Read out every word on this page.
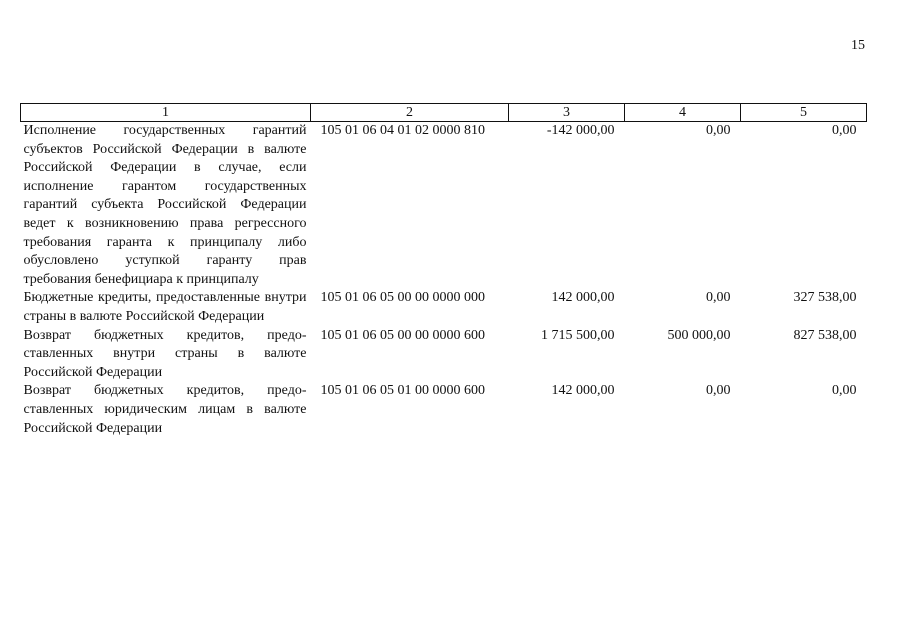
15
1	2	3	4	5
Исполнение государственных гарантий субъектов Российской Федерации в валюте Российской Федерации в случае, если исполнение гарантом государственных гарантий субъекта Российской Федерации ведет к возникновению права регрессного требования гаранта к принципалу либо обусловлено уступкой гаранту прав требования бенефициара к принципалу	105 01 06 04 01 02 0000 810	-142 000,00	0,00	0,00
Бюджетные кредиты, предоставленные внутри страны в валюте Российской Федерации	105 01 06 05 00 00 0000 000	142 000,00	0,00	327 538,00
Возврат бюджетных кредитов, предоставленных внутри страны в валюте Российской Федерации	105 01 06 05 00 00 0000 600	1 715 500,00	500 000,00	827 538,00
Возврат бюджетных кредитов, предоставленных юридическим лицам в валюте Российской Федерации	105 01 06 05 01 00 0000 600	142 000,00	0,00	0,00
